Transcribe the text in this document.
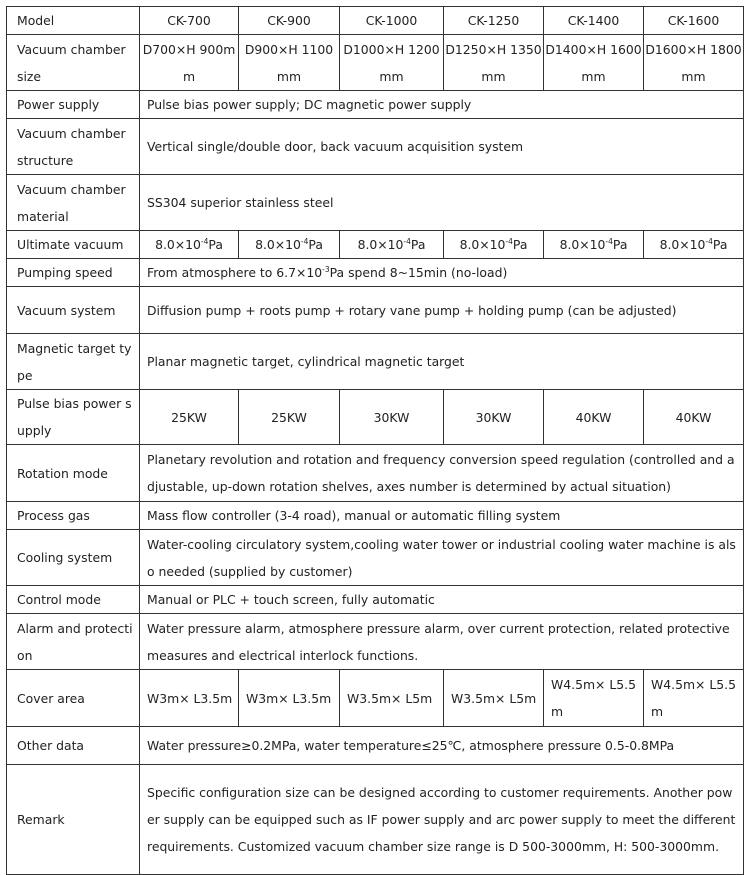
Model	CK-700	CK-900	CK-1000	CK-1250	CK-1400	CK-1600
Vacuum chamber size	D700×H 900mm	D900×H 1100mm	D1000×H 1200mm	D1250×H 1350mm	D1400×H 1600mm	D1600×H 1800mm
Power supply	Pulse bias power supply; DC magnetic power supply					
Vacuum chamber structure	Vertical single/double door, back vacuum acquisition system					
Vacuum chamber material	SS304 superior stainless steel					
Ultimate vacuum	$8.0\times 10^{-4}Pa$	$8.0\times 10^{-4}Pa$	$8.0\times 10^{-4}Pa$	$8.0\times 10^{-4}Pa$	$8.0\times 10^{-4}Pa$	$8.0\times 10^{-4}Pa$
Pumping speed	From atmosphere to $6.7\times 10^{-3}Pa$ spend 8~15min (no-load)					
Vacuum system	Diffusion pump + roots pump + rotary vane pump + holding pump (can be adjusted)					
Magnetic target type	Planar magnetic target, cylindrical magnetic target					
Pulse bias power supply	25KW	25KW	30KW	30KW	40KW	40KW
Rotation mode	Planetary revolution and rotation and frequency conversion speed regulation (controlled and adjustable, up-down rotation shelves, axes number is determined by actual situation)					
Process gas	Mass flow controller (3-4 road), manual or automatic filling system					
Cooling system	Water-cooling circulatory system,cooling water tower or industrial cooling water machine is also needed (supplied by customer)					
Control mode	Manual or PLC + touch screen, fully automatic					
Alarm and protection	Water pressure alarm, atmosphere pressure alarm, over current protection, related protective measures and electrical interlock functions.					
Cover area	W3m× L3.5m	W3m× L3.5m	W3.5m× L5m	W3.5m× L5m	W4.5m× L5.5m	W4.5m× L5.5m
Other data	Water pressure≥0.2MPa, water temperature≤25℃, atmosphere pressure 0.5-0.8MPa					
Remark	Specific configuration size can be designed according to customer requirements. Another power supply can be equipped such as IF power supply and arc power supply to meet the different requirements. Customized vacuum chamber size range is D 500-3000mm, H: 500-3000mm.					
